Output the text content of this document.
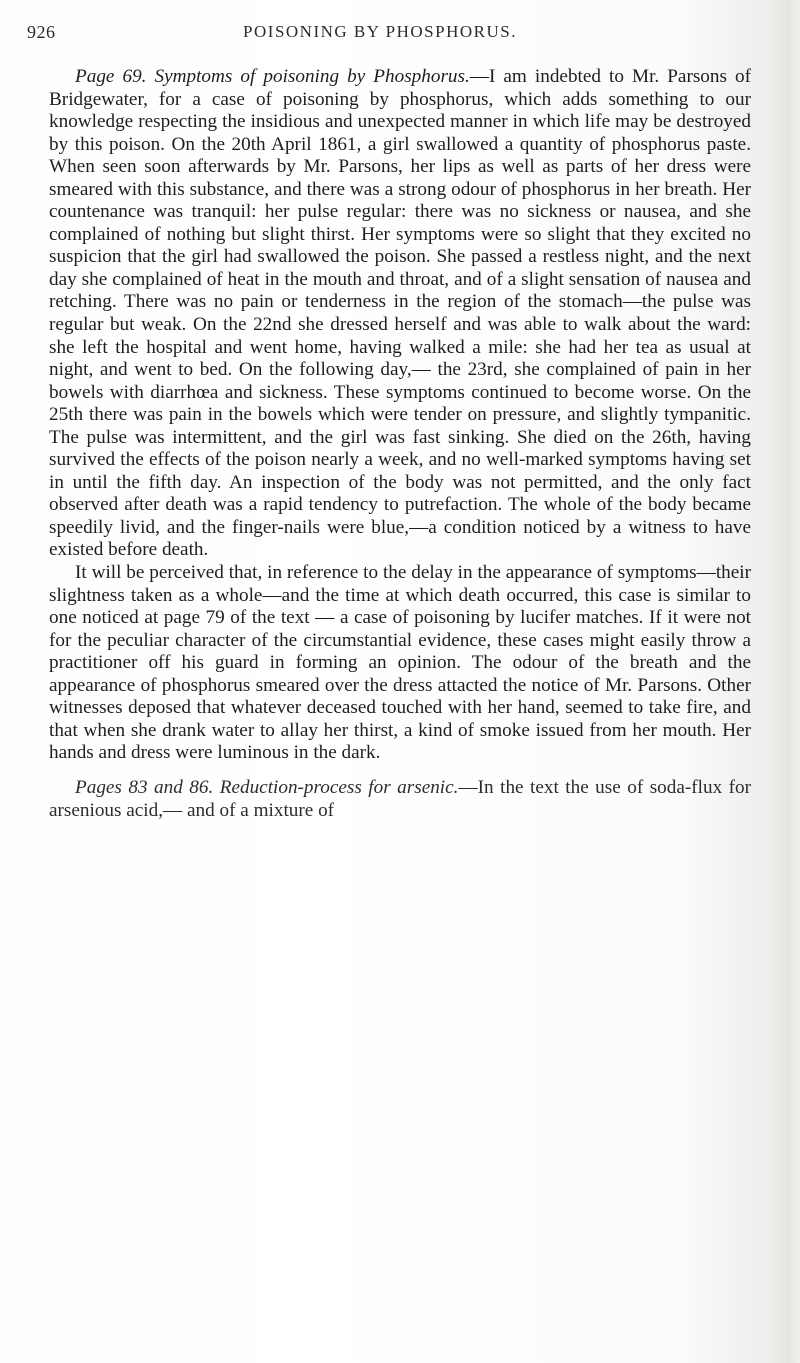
926	POISONING BY PHOSPHORUS.

Page 69. Symptoms of poisoning by Phosphorus.—I am indebted to Mr. Parsons of Bridgewater, for a case of poisoning by phosphorus, which adds something to our knowledge respecting the insidious and unexpected manner in which life may be destroyed by this poison. On the 20th April 1861, a girl swallowed a quantity of phosphorus paste. When seen soon afterwards by Mr. Parsons, her lips as well as parts of her dress were smeared with this substance, and there was a strong odour of phosphorus in her breath. Her countenance was tranquil: her pulse regular: there was no sickness or nausea, and she complained of nothing but slight thirst. Her symptoms were so slight that they excited no suspicion that the girl had swallowed the poison. She passed a restless night, and the next day she complained of heat in the mouth and throat, and of a slight sensation of nausea and retching. There was no pain or tenderness in the region of the stomach—the pulse was regular but weak. On the 22nd she dressed herself and was able to walk about the ward: she left the hospital and went home, having walked a mile: she had her tea as usual at night, and went to bed. On the following day,— the 23rd, she complained of pain in her bowels with diarrhœa and sickness. These symptoms continued to become worse. On the 25th there was pain in the bowels which were tender on pressure, and slightly tympanitic. The pulse was intermittent, and the girl was fast sinking. She died on the 26th, having survived the effects of the poison nearly a week, and no well-marked symptoms having set in until the fifth day. An inspection of the body was not permitted, and the only fact observed after death was a rapid tendency to putrefaction. The whole of the body became speedily livid, and the finger-nails were blue,—a condition noticed by a witness to have existed before death.

It will be perceived that, in reference to the delay in the appearance of symptoms—their slightness taken as a whole—and the time at which death occurred, this case is similar to one noticed at page 79 of the text — a case of poisoning by lucifer matches. If it were not for the peculiar character of the circumstantial evidence, these cases might easily throw a practitioner off his guard in forming an opinion. The odour of the breath and the appearance of phosphorus smeared over the dress attacted the notice of Mr. Parsons. Other witnesses deposed that whatever deceased touched with her hand, seemed to take fire, and that when she drank water to allay her thirst, a kind of smoke issued from her mouth. Her hands and dress were luminous in the dark.

Pages 83 and 86. Reduction-process for arsenic.—In the text the use of soda-flux for arsenious acid,— and of a mixture of
